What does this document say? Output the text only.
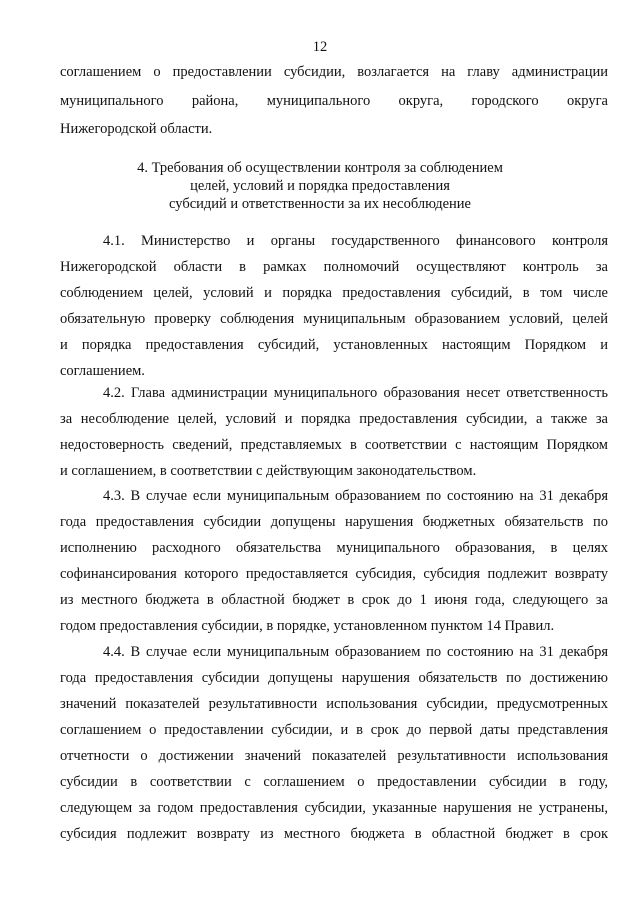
12
соглашением о предоставлении субсидии, возлагается на главу администрации
муниципального района, муниципального округа, городского округа
Нижегородской области.
4. Требования об осуществлении контроля за соблюдением
целей, условий и порядка предоставления
субсидий и ответственности за их несоблюдение
4.1. Министерство и органы государственного финансового контроля
Нижегородской области в рамках полномочий осуществляют контроль за
соблюдением целей, условий и порядка предоставления субсидий, в том числе
обязательную проверку соблюдения муниципальным образованием условий, целей
и порядка предоставления субсидий, установленных настоящим Порядком и
соглашением.
4.2. Глава администрации муниципального образования несет ответственность
за несоблюдение целей, условий и порядка предоставления субсидии, а также за
недостоверность сведений, представляемых в соответствии с настоящим Порядком
и соглашением, в соответствии с действующим законодательством.
4.3. В случае если муниципальным образованием по состоянию на 31 декабря
года предоставления субсидии допущены нарушения бюджетных обязательств по
исполнению расходного обязательства муниципального образования, в целях
софинансирования которого предоставляется субсидия, субсидия подлежит возврату
из местного бюджета в областной бюджет в срок до 1 июня года, следующего за
годом предоставления субсидии, в порядке, установленном пунктом 14 Правил.
4.4. В случае если муниципальным образованием по состоянию на 31 декабря
года предоставления субсидии допущены нарушения обязательств по достижению
значений показателей результативности использования субсидии, предусмотренных
соглашением о предоставлении субсидии, и в срок до первой даты представления
отчетности о достижении значений показателей результативности использования
субсидии в соответствии с соглашением о предоставлении субсидии в году,
следующем за годом предоставления субсидии, указанные нарушения не устранены,
субсидия подлежит возврату из местного бюджета в областной бюджет в срок
